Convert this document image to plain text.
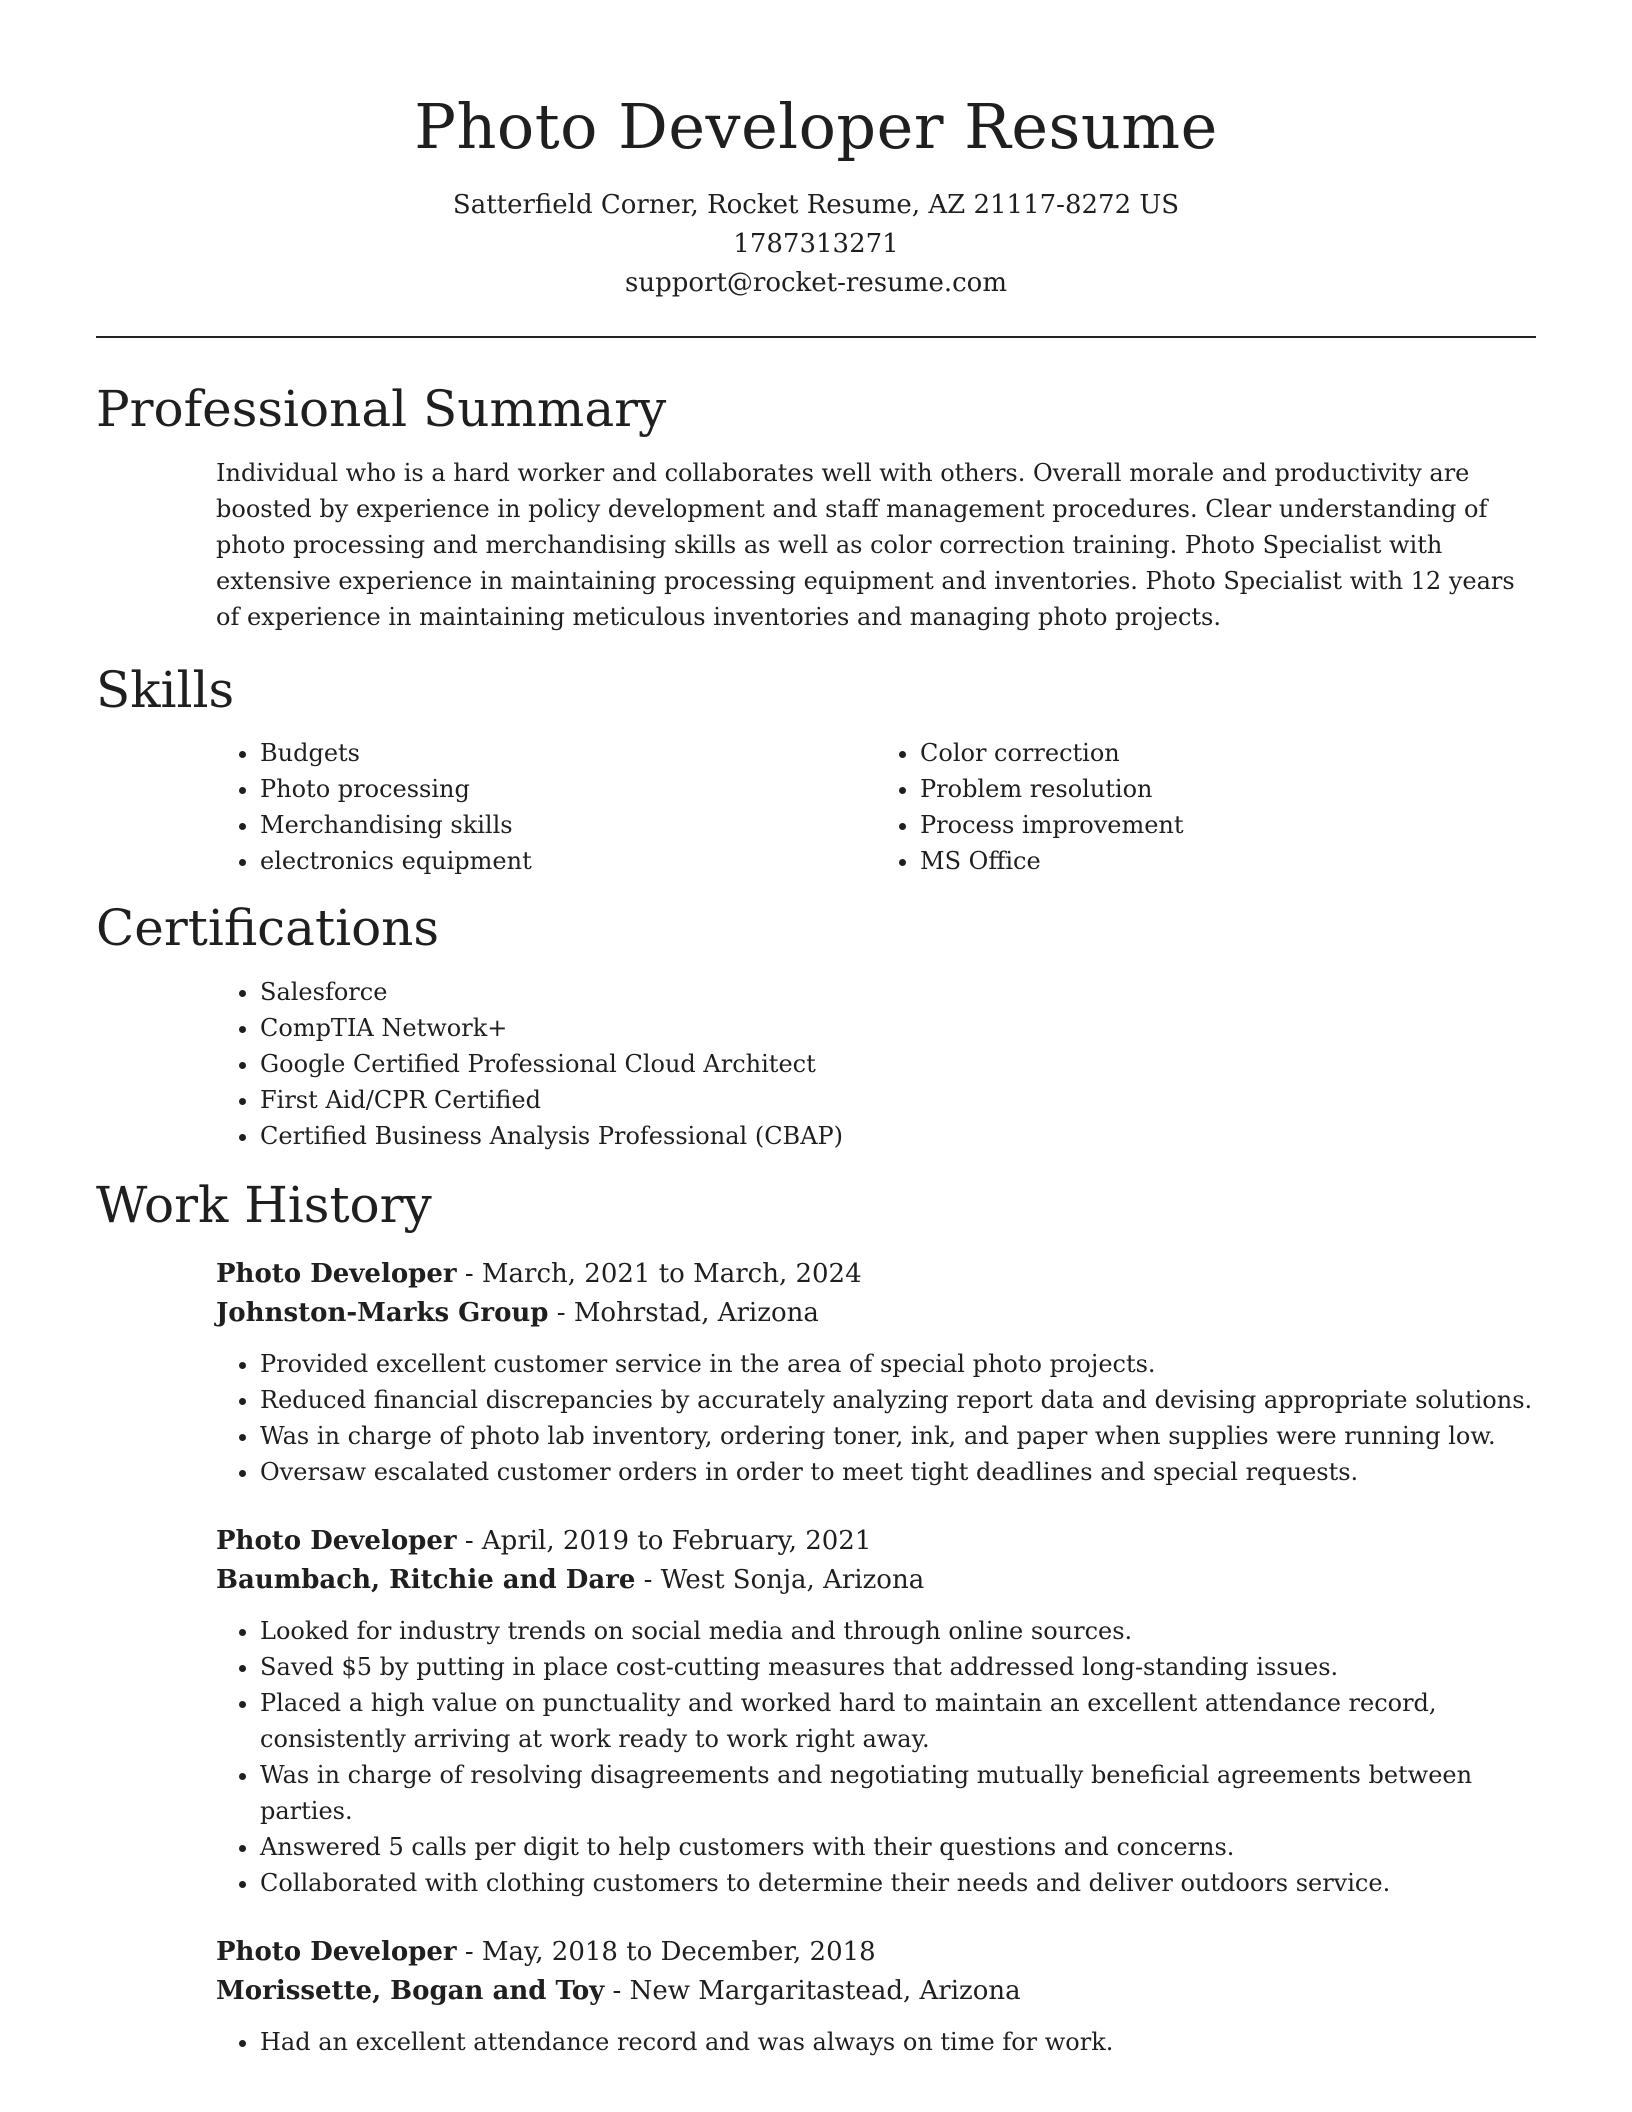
Photo Developer Resume
Satterfield Corner, Rocket Resume, AZ 21117-8272 US
1787313271
support@rocket-resume.com
Professional Summary

Individual who is a hard worker and collaborates well with others. Overall morale and productivity are boosted by experience in policy development and staff management procedures. Clear understanding of photo processing and merchandising skills as well as color correction training. Photo Specialist with extensive experience in maintaining processing equipment and inventories. Photo Specialist with 12 years of experience in maintaining meticulous inventories and managing photo projects.

Skills
• Budgets
• Photo processing
• Merchandising skills
• electronics equipment
• Color correction
• Problem resolution
• Process improvement
• MS Office
Certifications
• Salesforce
• CompTIA Network+
• Google Certified Professional Cloud Architect
• First Aid/CPR Certified
• Certified Business Analysis Professional (CBAP)
Work History
Photo Developer - March, 2021 to March, 2024
Johnston-Marks Group - Mohrstad, Arizona
• Provided excellent customer service in the area of special photo projects.
• Reduced financial discrepancies by accurately analyzing report data and devising appropriate solutions.
• Was in charge of photo lab inventory, ordering toner, ink, and paper when supplies were running low.
• Oversaw escalated customer orders in order to meet tight deadlines and special requests.
Photo Developer - April, 2019 to February, 2021
Baumbach, Ritchie and Dare - West Sonja, Arizona
• Looked for industry trends on social media and through online sources.
• Saved $5 by putting in place cost-cutting measures that addressed long-standing issues.
• Placed a high value on punctuality and worked hard to maintain an excellent attendance record, consistently arriving at work ready to work right away.
• Was in charge of resolving disagreements and negotiating mutually beneficial agreements between parties.
• Answered 5 calls per digit to help customers with their questions and concerns.
• Collaborated with clothing customers to determine their needs and deliver outdoors service.
Photo Developer - May, 2018 to December, 2018
Morissette, Bogan and Toy - New Margaritastead, Arizona
• Had an excellent attendance record and was always on time for work.
